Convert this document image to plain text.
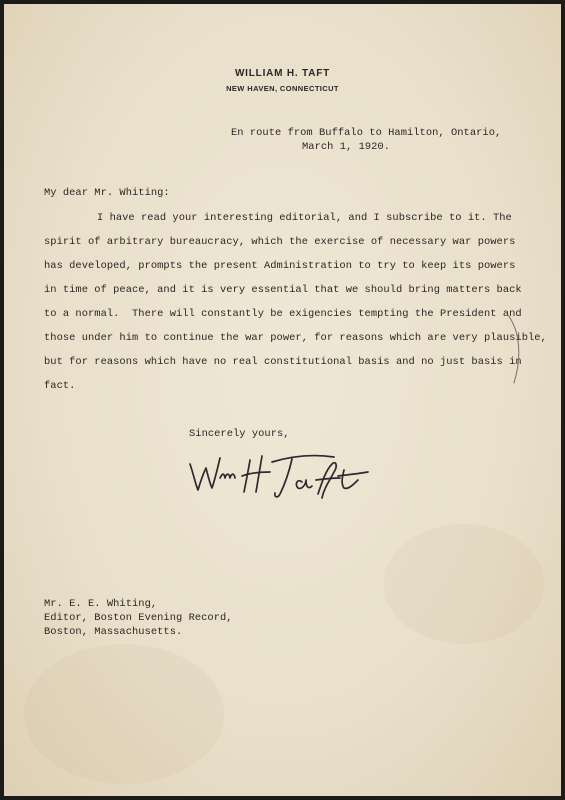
WILLIAM H. TAFT
NEW HAVEN, CONNECTICUT
En route from Buffalo to Hamilton, Ontario,
March 1, 1920.
My dear Mr. Whiting:
I have read your interesting editorial, and I subscribe to it. The
spirit of arbitrary bureaucracy, which the exercise of necessary war powers
has developed, prompts the present Administration to try to keep its powers
in time of peace, and it is very essential that we should bring matters back
to a normal.  There will constantly be exigencies tempting the President and
those under him to continue the war power, for reasons which are very plausible,
but for reasons which have no real constitutional basis and no just basis in
fact.
Sincerely yours,
Mr. E. E. Whiting,
Editor, Boston Evening Record,
Boston, Massachusetts.
